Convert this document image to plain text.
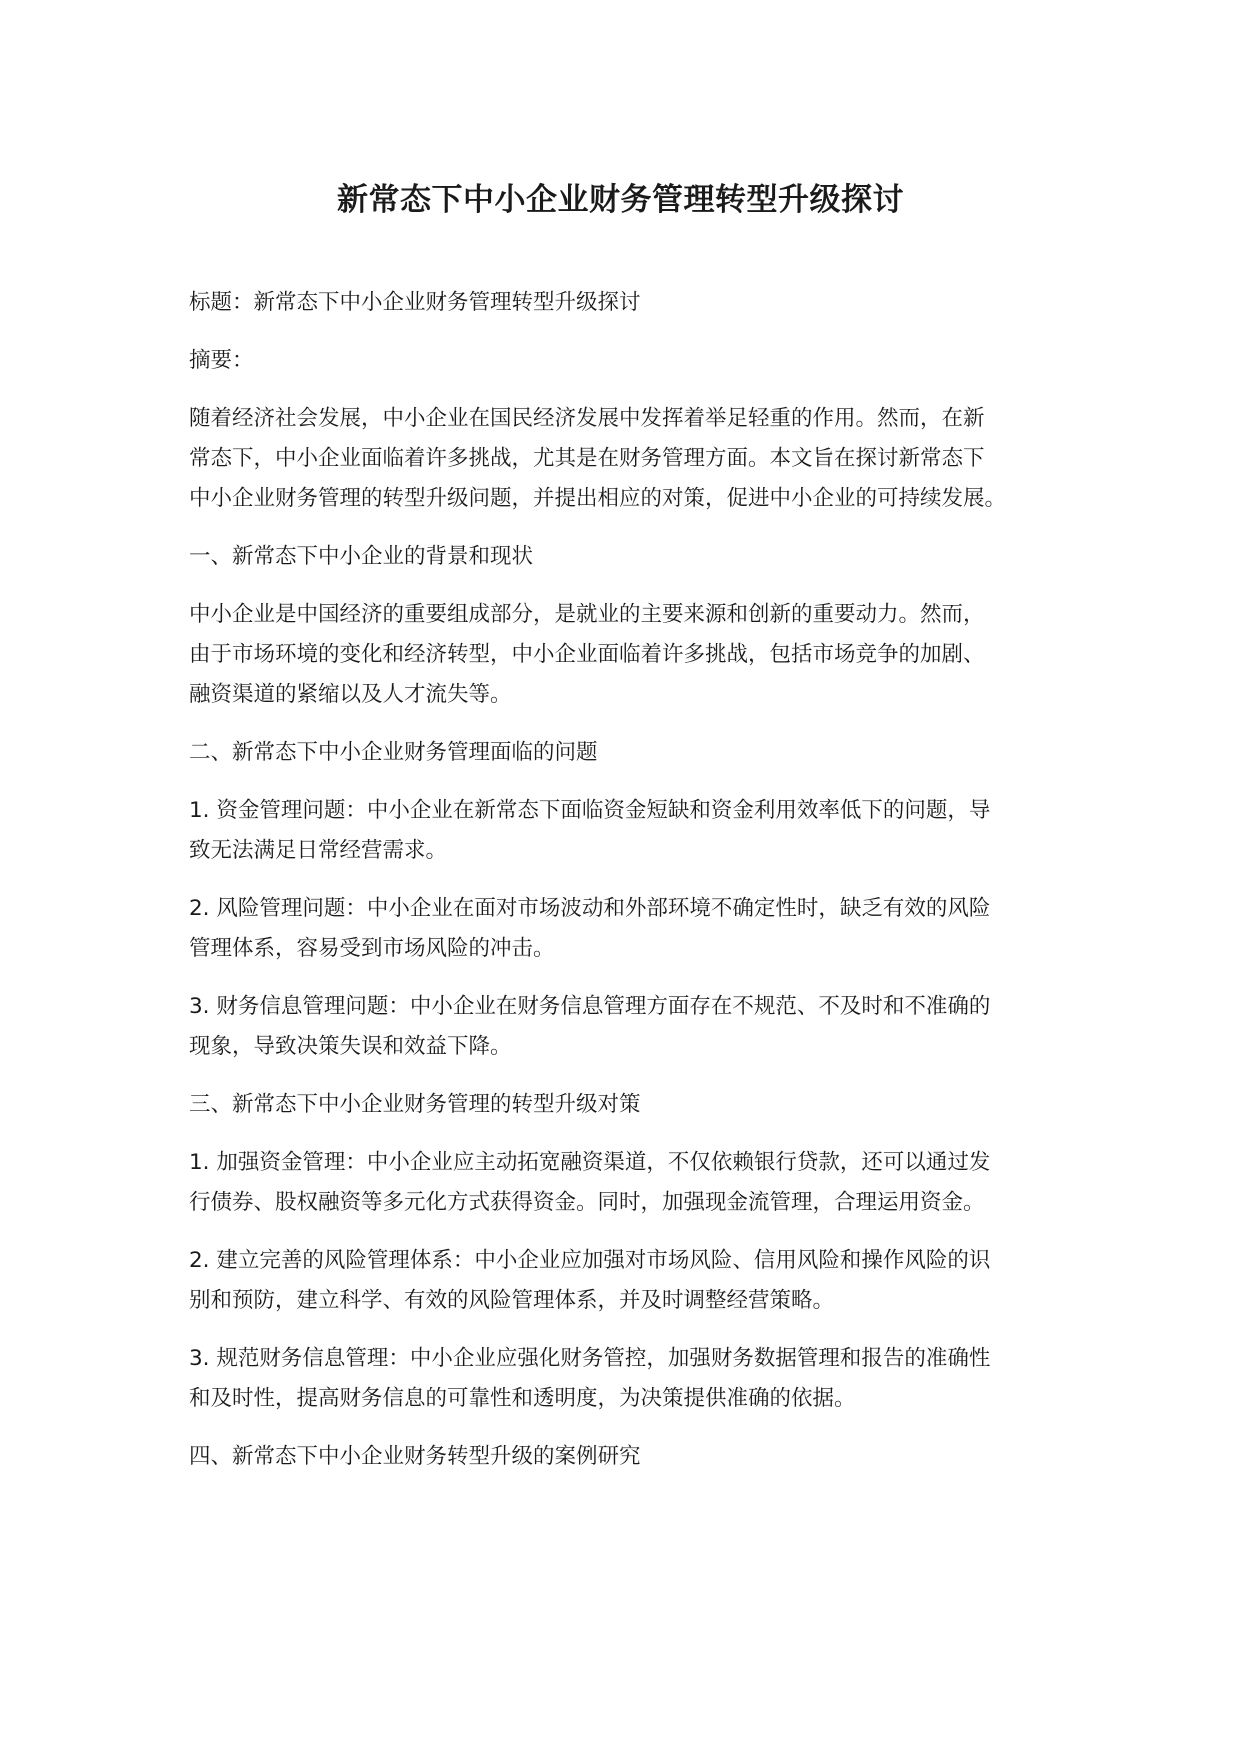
新常态下中小企业财务管理转型升级探讨

标题：新常态下中小企业财务管理转型升级探讨

摘要：

随着经济社会发展，中小企业在国民经济发展中发挥着举足轻重的作用。然而，在新
常态下，中小企业面临着许多挑战，尤其是在财务管理方面。本文旨在探讨新常态下
中小企业财务管理的转型升级问题，并提出相应的对策，促进中小企业的可持续发展。

一、新常态下中小企业的背景和现状

中小企业是中国经济的重要组成部分，是就业的主要来源和创新的重要动力。然而，
由于市场环境的变化和经济转型，中小企业面临着许多挑战，包括市场竞争的加剧、
融资渠道的紧缩以及人才流失等。

二、新常态下中小企业财务管理面临的问题

1. 资金管理问题：中小企业在新常态下面临资金短缺和资金利用效率低下的问题，导
致无法满足日常经营需求。

2. 风险管理问题：中小企业在面对市场波动和外部环境不确定性时，缺乏有效的风险
管理体系，容易受到市场风险的冲击。

3. 财务信息管理问题：中小企业在财务信息管理方面存在不规范、不及时和不准确的
现象，导致决策失误和效益下降。

三、新常态下中小企业财务管理的转型升级对策

1. 加强资金管理：中小企业应主动拓宽融资渠道，不仅依赖银行贷款，还可以通过发
行债券、股权融资等多元化方式获得资金。同时，加强现金流管理，合理运用资金。

2. 建立完善的风险管理体系：中小企业应加强对市场风险、信用风险和操作风险的识
别和预防，建立科学、有效的风险管理体系，并及时调整经营策略。

3. 规范财务信息管理：中小企业应强化财务管控，加强财务数据管理和报告的准确性
和及时性，提高财务信息的可靠性和透明度，为决策提供准确的依据。

四、新常态下中小企业财务转型升级的案例研究
